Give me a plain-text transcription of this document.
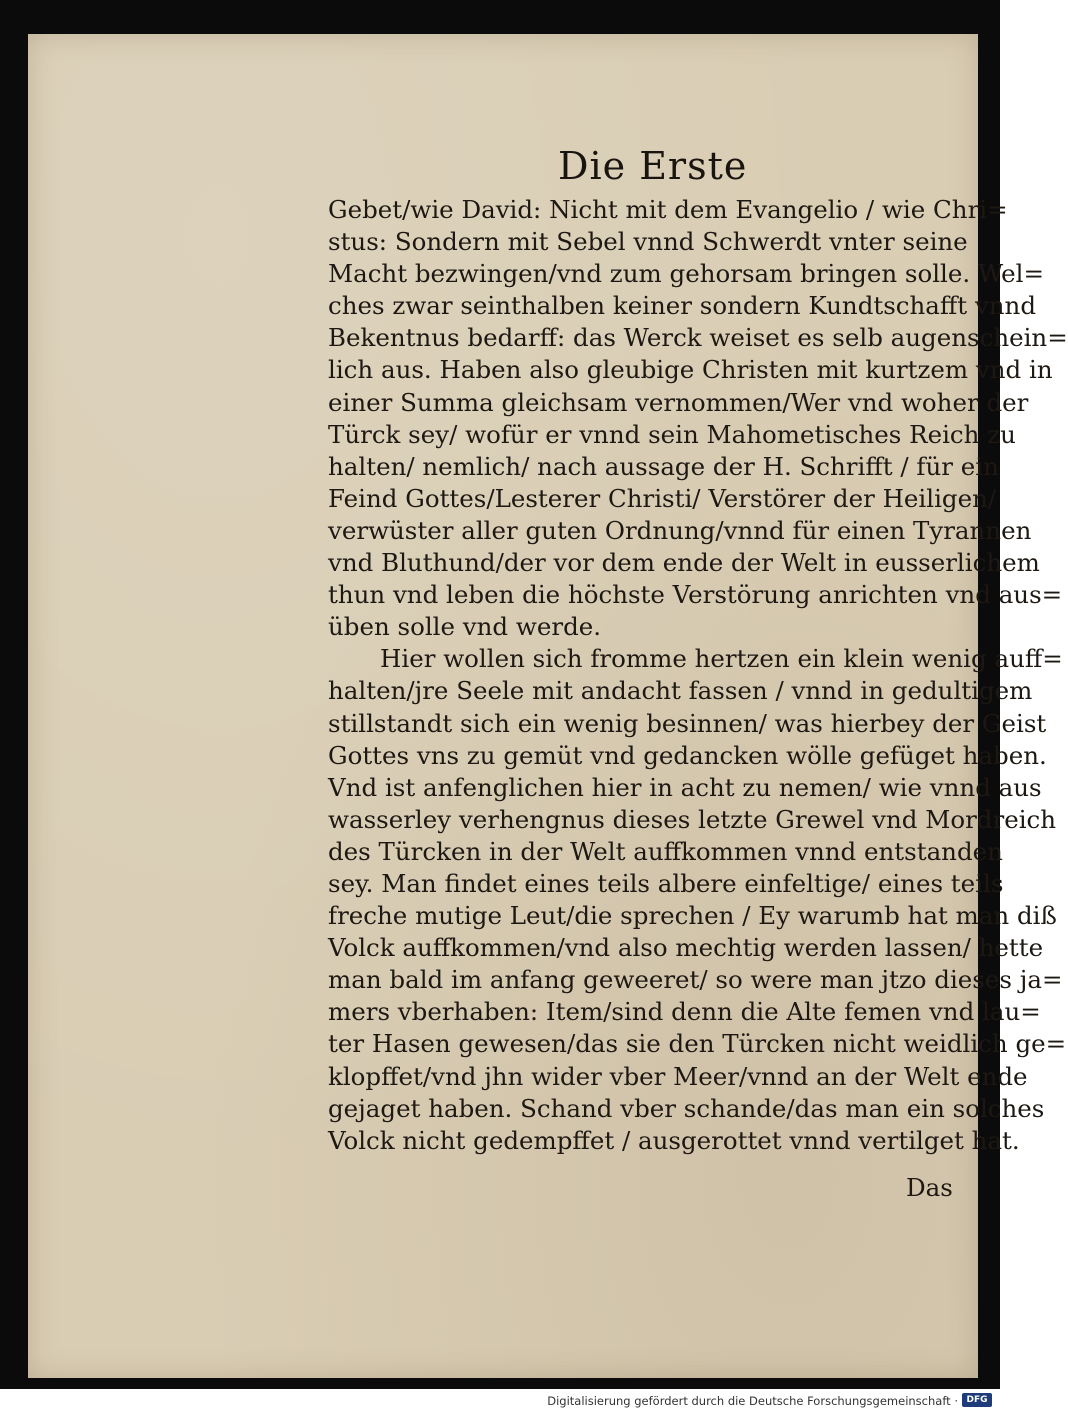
Die Erste
Gebet/wie David: Nicht mit dem Evangelio / wie Chri=
stus: Sondern mit Sebel vnnd Schwerdt vnter seine
Macht bezwingen/vnd zum gehorsam bringen solle. Wel=
ches zwar seinthalben keiner sondern Kundtschafft vnnd
Bekentnus bedarff: das Werck weiset es selb augenschein=
lich aus. Haben also gleubige Christen mit kurtzem vnd in
einer Summa gleichsam vernommen/Wer vnd woher der
Türck sey/ wofür er vnnd sein Mahometisches Reich zu
halten/ nemlich/ nach aussage der H. Schrifft / für ein
Feind Gottes/Lesterer Christi/ Verstörer der Heiligen/
verwüster aller guten Ordnung/vnnd für einen Tyrannen
vnd Bluthund/der vor dem ende der Welt in eusserlichem
thun vnd leben die höchste Verstörung anrichten vnd aus=
üben solle vnd werde.
Hier wollen sich fromme hertzen ein klein wenig auff=
halten/jre Seele mit andacht fassen / vnnd in gedultigem
stillstandt sich ein wenig besinnen/ was hierbey der Geist
Gottes vns zu gemüt vnd gedancken wölle gefüget haben.
Vnd ist anfenglichen hier in acht zu nemen/ wie vnnd aus
wasserley verhengnus dieses letzte Grewel vnd Mordreich
des Türcken in der Welt auffkommen vnnd entstanden
sey. Man findet eines teils alberе einfeltige/ eines teils
freche mutige Leut/die sprechen / Ey warumb hat man diß
Volck auffkommen/vnd also mechtig werden lassen/ hette
man bald im anfang geweeret/ so were man jtzo dieses ja=
mers vberhaben: Item/sind denn die Alte femen vnd lau=
ter Hasen gewesen/das sie den Türcken nicht weidlich ge=
klopffet/vnd jhn wider vber Meer/vnnd an der Welt ende
gejaget haben. Schand vber schande/das man ein solches
Volck nicht gedempffet / ausgerottet vnnd vertilget hat.
Das
Digitalisierung gefördert durch die Deutsche Forschungsgemeinschaft · DFG
